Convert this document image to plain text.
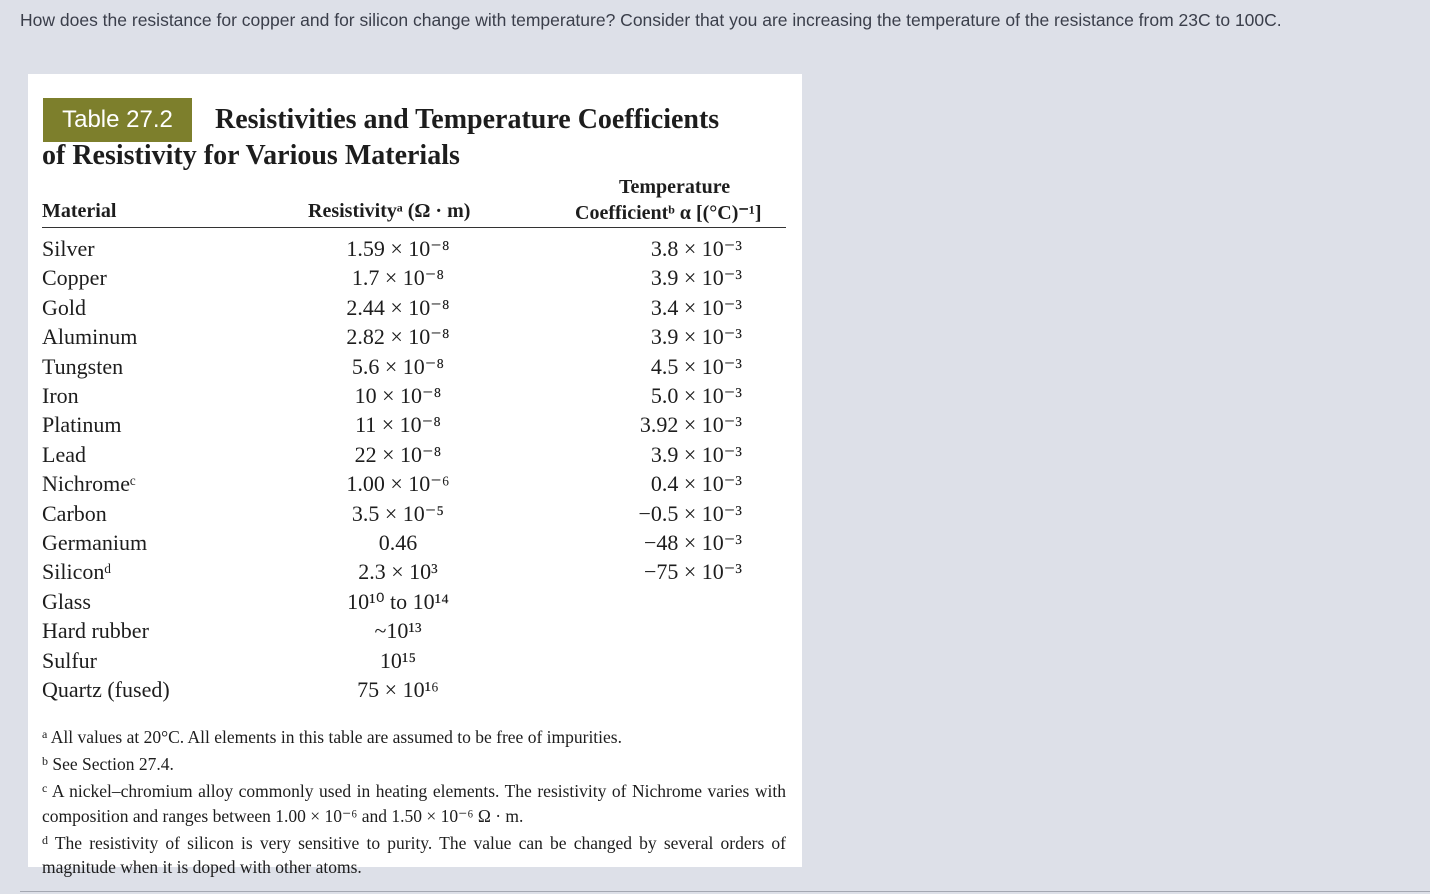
How does the resistance for copper and for silicon change with temperature? Consider that you are increasing the temperature of the resistance from 23C to 100C.
Table 27.2	Resistivities and Temperature Coefficients
of Resistivity for Various Materials
Material	Resistivityᵃ (Ω · m)
Temperature
Coefficientᵇ α [(°C)⁻¹]
Silver	1.59 × 10⁻⁸	3.8 × 10⁻³
Copper	1.7 × 10⁻⁸	3.9 × 10⁻³
Gold	2.44 × 10⁻⁸	3.4 × 10⁻³
Aluminum	2.82 × 10⁻⁸	3.9 × 10⁻³
Tungsten	5.6 × 10⁻⁸	4.5 × 10⁻³
Iron	10 × 10⁻⁸	5.0 × 10⁻³
Platinum	11 × 10⁻⁸	3.92 × 10⁻³
Lead	22 × 10⁻⁸	3.9 × 10⁻³
Nichromeᶜ	1.00 × 10⁻⁶	0.4 × 10⁻³
Carbon	3.5 × 10⁻⁵	−0.5 × 10⁻³
Germanium	0.46	−48 × 10⁻³
Siliconᵈ	2.3 × 10³	−75 × 10⁻³
Glass	10¹⁰ to 10¹⁴
Hard rubber	~10¹³
Sulfur	10¹⁵
Quartz (fused)	75 × 10¹⁶

$^a$ All values at 20°C. All elements in this table are assumed to be free of impurities.

$^b$ See Section 27.4.

$^c$ A nickel–chromium alloy commonly used in heating elements. The resistivity of Nichrome varies with composition and ranges between 1.00 × 10⁻⁶ and 1.50 × 10⁻⁶ Ω · m.

$^d$ The resistivity of silicon is very sensitive to purity. The value can be changed by several orders of magnitude when it is doped with other atoms.
